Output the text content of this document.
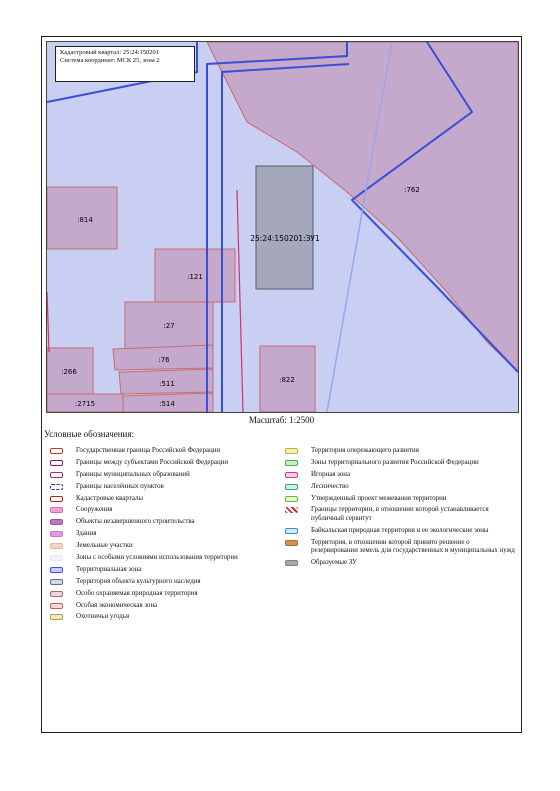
:814
:121
:27
:76
:511
:514
:266
:2715
:822
:762
25:24:150201:ЗУ1
Кадастровый квартал: 25:24:150201
Система координат: МСК 25, зона 2
Масштаб: 1:2500
Условные обозначения:
Государственная граница Российской Федерации
Границы между субъектами Российской Федерации
Границы муниципальных образований
Границы населённых пунктов
Кадастровые кварталы
Сооружения
Объекты незавершенного строительства
Здания
Земельные участки
Зоны с особыми условиями использования территории
Территориальная зона
Территория объекта культурного наследия
Особо охраняемая природная территория
Особая экономическая зона
Охотничьи угодья
Территория опережающего развития
Зоны территориального развития Российской Федерации
Игорная зона
Лесничество
Утвержденный проект межевания территории
Границы территории, в отношении которой устанавливается публичный сервитут
Байкальская природная территория и ее экологические зоны
Территория, в отношении которой принято решение о резервировании земель для государственных и муниципальных нужд
Образуемые ЗУ
